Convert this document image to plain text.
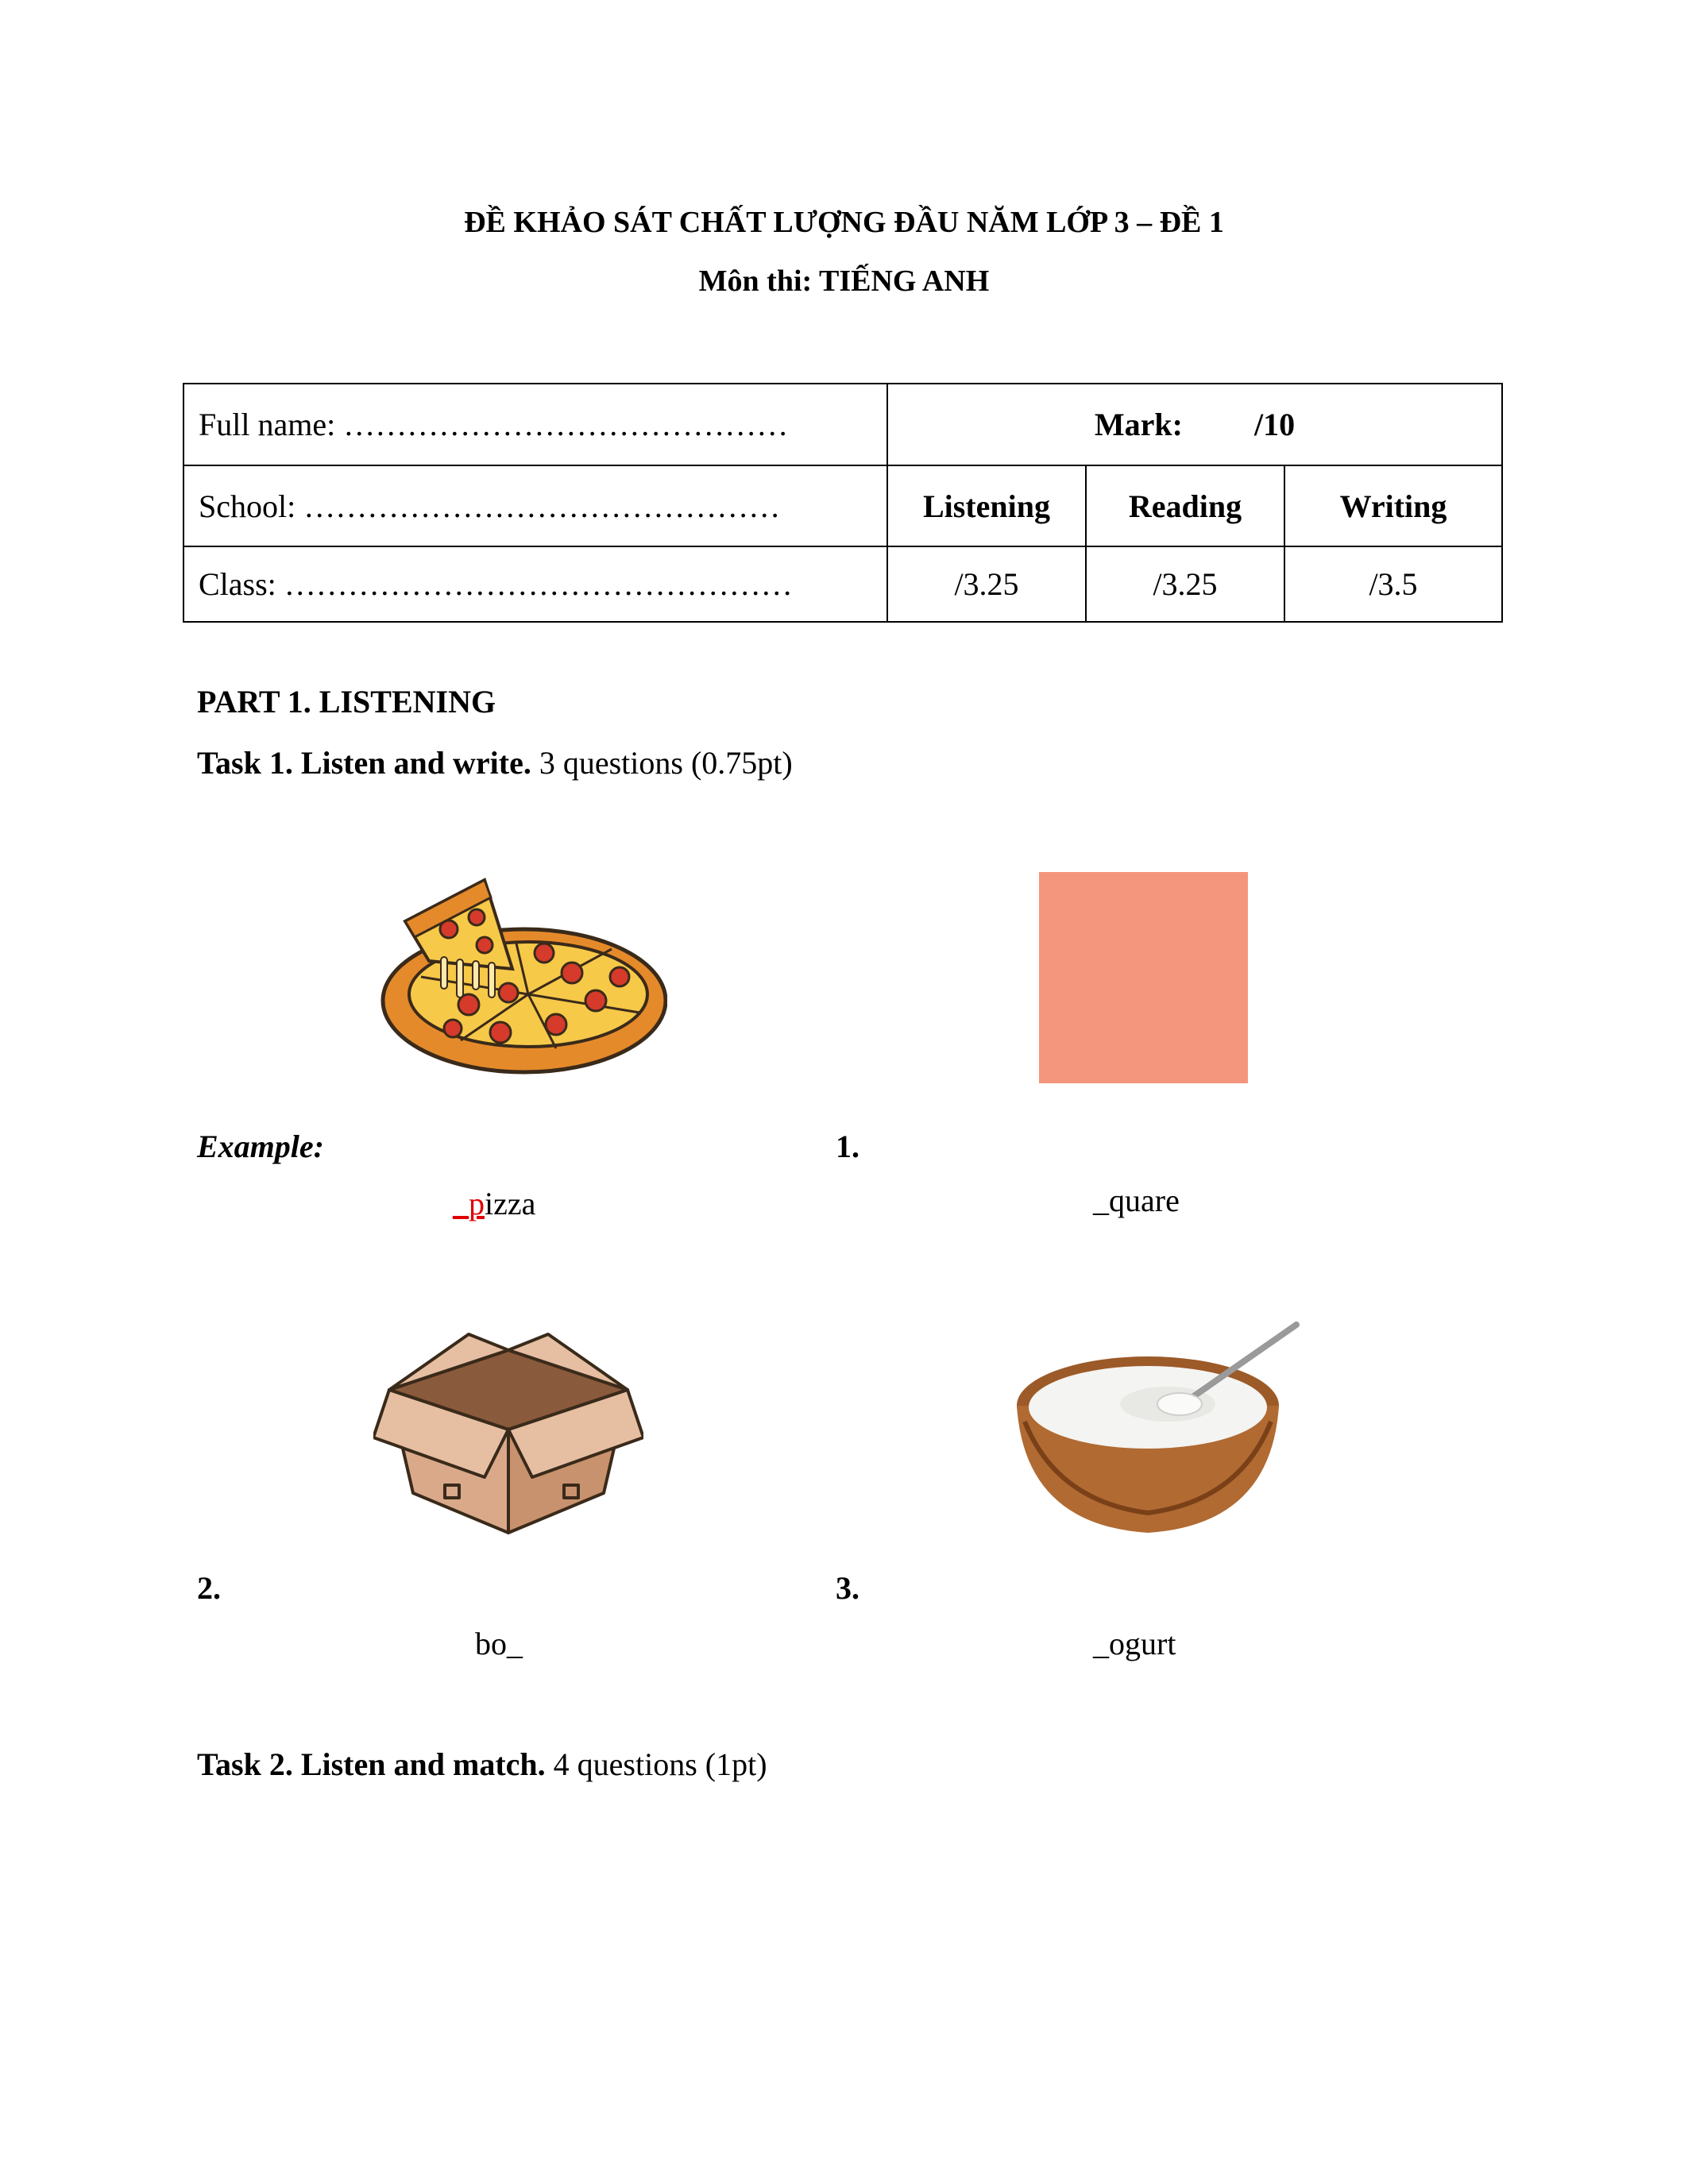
ĐỀ KHẢO SÁT CHẤT LƯỢNG ĐẦU NĂM LỚP 3 – ĐỀ 1
Môn thi: TIẾNG ANH
Full name: ……………………………………	Mark: /10		
School: ………………………………………	Listening	Reading	Writing
Class: …………………………………………	/3.25	/3.25	/3.5
PART 1. LISTENING
Task 1. Listen and write. 3 questions (0.75pt)
Example:	1.
_pizza	_quare
2.	3.
bo_	_ogurt
Task 2. Listen and match. 4 questions (1pt)
